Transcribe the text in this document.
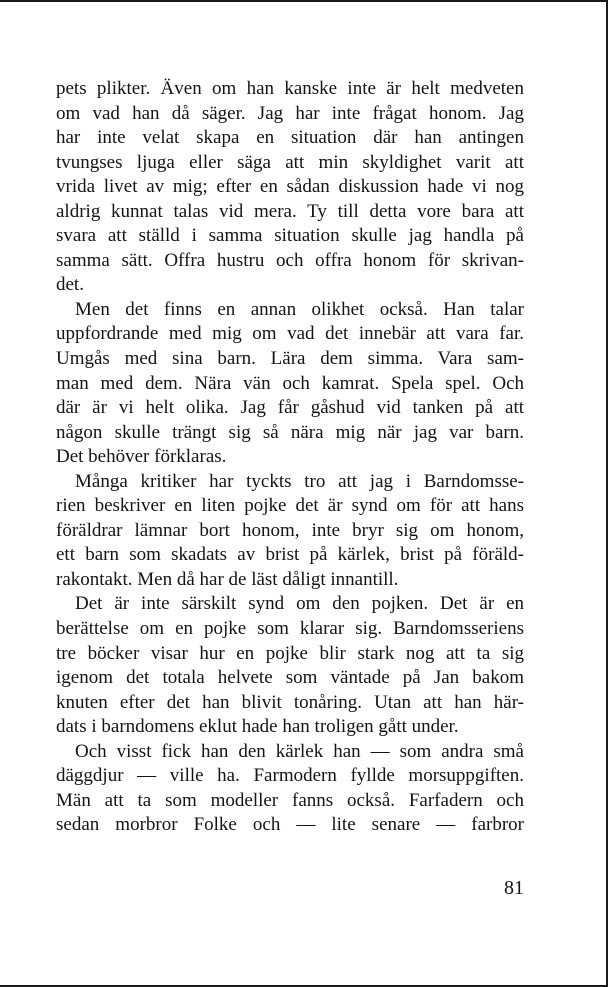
pets plikter. Även om han kanske inte är helt medveten
om vad han då säger. Jag har inte frågat honom. Jag
har inte velat skapa en situation där han antingen
tvungses ljuga eller säga att min skyldighet varit att
vrida livet av mig; efter en sådan diskussion hade vi nog
aldrig kunnat talas vid mera. Ty till detta vore bara att
svara att ställd i samma situation skulle jag handla på
samma sätt. Offra hustru och offra honom för skrivan-
det.
Men det finns en annan olikhet också. Han talar
uppfordrande med mig om vad det innebär att vara far.
Umgås med sina barn. Lära dem simma. Vara sam-
man med dem. Nära vän och kamrat. Spela spel. Och
där är vi helt olika. Jag får gåshud vid tanken på att
någon skulle trängt sig så nära mig när jag var barn.
Det behöver förklaras.
Många kritiker har tyckts tro att jag i Barndomsse-
rien beskriver en liten pojke det är synd om för att hans
föräldrar lämnar bort honom, inte bryr sig om honom,
ett barn som skadats av brist på kärlek, brist på föräld-
rakontakt. Men då har de läst dåligt innantill.
Det är inte särskilt synd om den pojken. Det är en
berättelse om en pojke som klarar sig. Barndomsseriens
tre böcker visar hur en pojke blir stark nog att ta sig
igenom det totala helvete som väntade på Jan bakom
knuten efter det han blivit tonåring. Utan att han här-
dats i barndomens eklut hade han troligen gått under.
Och visst fick han den kärlek han — som andra små
däggdjur — ville ha. Farmodern fyllde morsuppgiften.
Män att ta som modeller fanns också. Farfadern och
sedan morbror Folke och — lite senare — farbror
81
